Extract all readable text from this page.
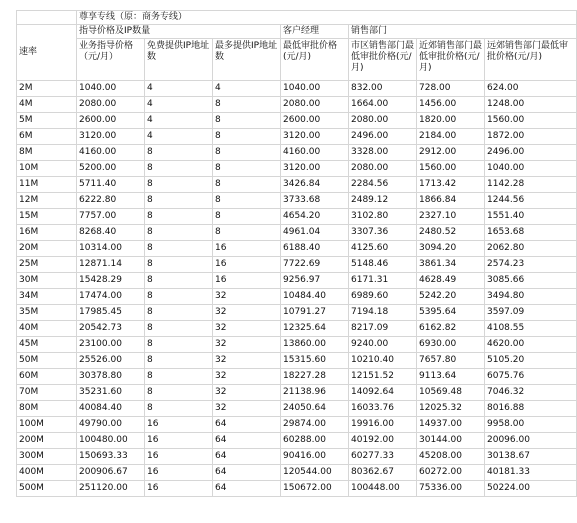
	尊享专线（原：商务专线）						
速率	指导价格及IP数量			客户经理	销售部门		
	业务指导价格（元/月）	免费提供IP地址数	最多提供IP地址数	最低审批价格(元/月)	市区销售部门最低审批价格(元/月)	近郊销售部门最低审批价格(元/月)	远郊销售部门最低审批价格(元/月)
2M	1040.00	4	4	1040.00	832.00	728.00	624.00
4M	2080.00	4	8	2080.00	1664.00	1456.00	1248.00
5M	2600.00	4	8	2600.00	2080.00	1820.00	1560.00
6M	3120.00	4	8	3120.00	2496.00	2184.00	1872.00
8M	4160.00	8	8	4160.00	3328.00	2912.00	2496.00
10M	5200.00	8	8	3120.00	2080.00	1560.00	1040.00
11M	5711.40	8	8	3426.84	2284.56	1713.42	1142.28
12M	6222.80	8	8	3733.68	2489.12	1866.84	1244.56
15M	7757.00	8	8	4654.20	3102.80	2327.10	1551.40
16M	8268.40	8	8	4961.04	3307.36	2480.52	1653.68
20M	10314.00	8	16	6188.40	4125.60	3094.20	2062.80
25M	12871.14	8	16	7722.69	5148.46	3861.34	2574.23
30M	15428.29	8	16	9256.97	6171.31	4628.49	3085.66
34M	17474.00	8	32	10484.40	6989.60	5242.20	3494.80
35M	17985.45	8	32	10791.27	7194.18	5395.64	3597.09
40M	20542.73	8	32	12325.64	8217.09	6162.82	4108.55
45M	23100.00	8	32	13860.00	9240.00	6930.00	4620.00
50M	25526.00	8	32	15315.60	10210.40	7657.80	5105.20
60M	30378.80	8	32	18227.28	12151.52	9113.64	6075.76
70M	35231.60	8	32	21138.96	14092.64	10569.48	7046.32
80M	40084.40	8	32	24050.64	16033.76	12025.32	8016.88
100M	49790.00	16	64	29874.00	19916.00	14937.00	9958.00
200M	100480.00	16	64	60288.00	40192.00	30144.00	20096.00
300M	150693.33	16	64	90416.00	60277.33	45208.00	30138.67
400M	200906.67	16	64	120544.00	80362.67	60272.00	40181.33
500M	251120.00	16	64	150672.00	100448.00	75336.00	50224.00
